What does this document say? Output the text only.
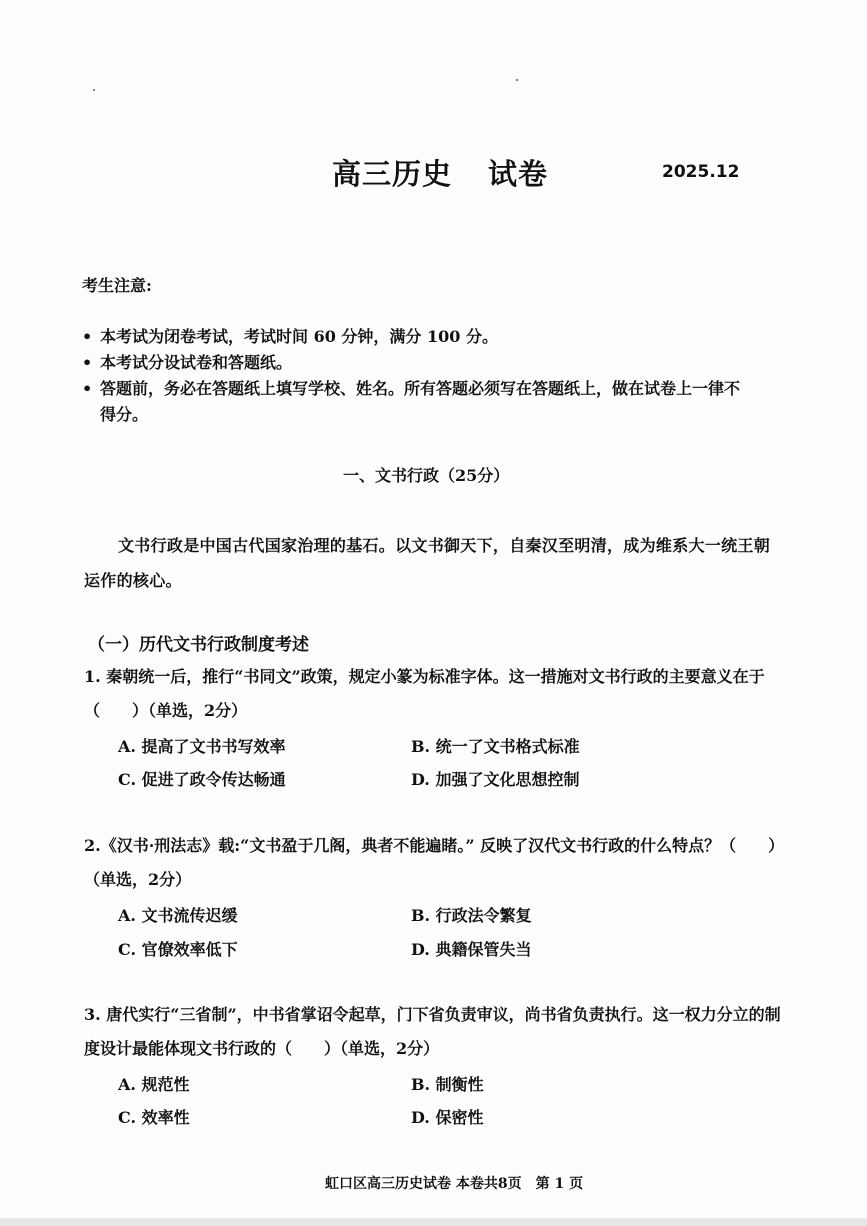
高三历史 试卷	2025.12
考生注意:
• 本考试为闭卷考试，考试时间 60 分钟，满分 100 分。
• 本考试分设试卷和答题纸。
• 答题前，务必在答题纸上填写学校、姓名。所有答题必须写在答题纸上，做在试卷上一律不得分。
一、文书行政（25分）
文书行政是中国古代国家治理的基石。以文书御天下，自秦汉至明清，成为维系大一统王朝运作的核心。
（一）历代文书行政制度考述
1. 秦朝统一后，推行“书同文”政策，规定小篆为标准字体。这一措施对文书行政的主要意义在于（　　）（单选，2分）
A. 提高了文书书写效率	B. 统一了文书格式标准
C. 促进了政令传达畅通	D. 加强了文化思想控制
2.《汉书·刑法志》载:“文书盈于几阁，典者不能遍睹。” 反映了汉代文书行政的什么特点？（　　）（单选，2分）
A. 文书流传迟缓	B. 行政法令繁复
C. 官僚效率低下	D. 典籍保管失当
3. 唐代实行“三省制”，中书省掌诏令起草，门下省负责审议，尚书省负责执行。这一权力分立的制度设计最能体现文书行政的（　　）（单选，2分）
A. 规范性	B. 制衡性
C. 效率性	D. 保密性
虹口区高三历史试卷 本卷共8页　第 1 页
